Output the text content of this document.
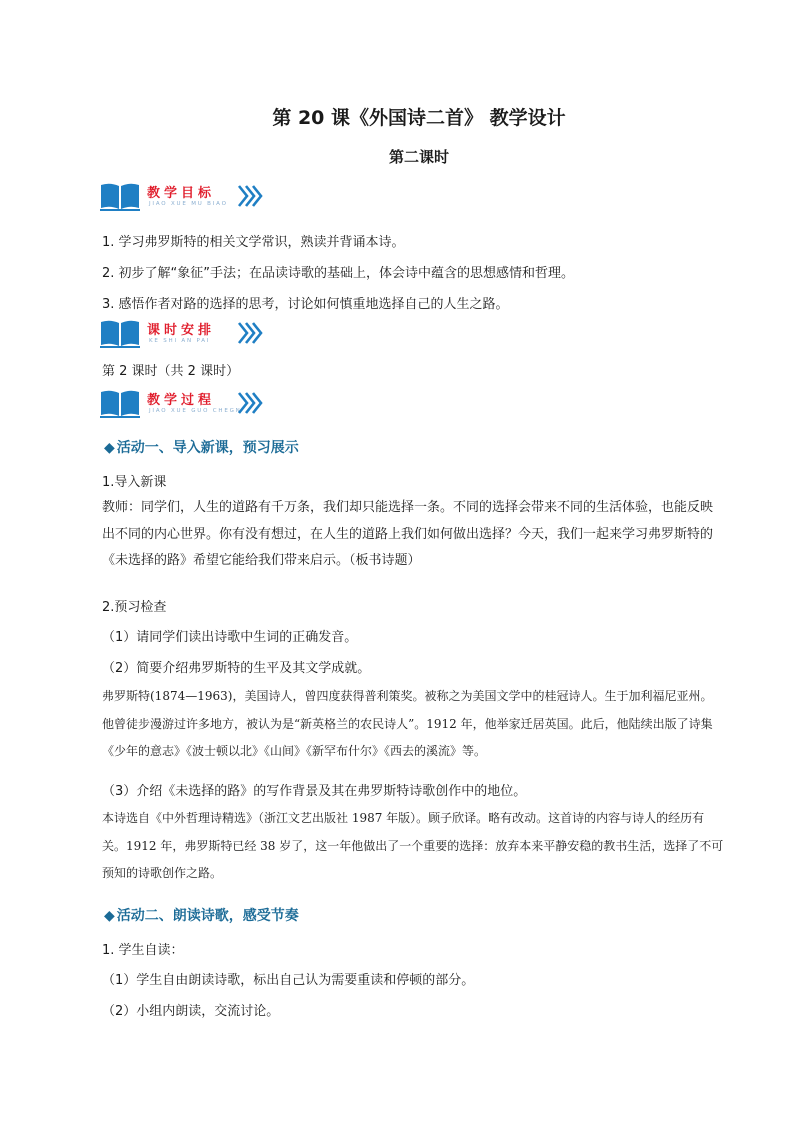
第 20 课《外国诗二首》 教学设计
第二课时
教学目标
JIAO XUE MU BIAO
1. 学习弗罗斯特的相关文学常识，熟读并背诵本诗。
2. 初步了解“象征”手法；在品读诗歌的基础上，体会诗中蕴含的思想感情和哲理。
3. 感悟作者对路的选择的思考，讨论如何慎重地选择自己的人生之路。
课时安排
KE SHI AN PAI
第 2 课时（共 2 课时）
教学过程
JIAO XUE GUO CHEGN
◆ 活动一、导入新课，预习展示
1.导入新课
教师：同学们，人生的道路有千万条，我们却只能选择一条。不同的选择会带来不同的生活体验，也能反映出不同的内心世界。你有没有想过，在人生的道路上我们如何做出选择？今天，我们一起来学习弗罗斯特的《未选择的路》希望它能给我们带来启示。（板书诗题）
2.预习检查
（1）请同学们读出诗歌中生词的正确发音。
（2）简要介绍弗罗斯特的生平及其文学成就。
弗罗斯特(1874—1963)，美国诗人，曾四度获得普利策奖。被称之为美国文学中的桂冠诗人。生于加利福尼亚州。他曾徒步漫游过许多地方，被认为是“新英格兰的农民诗人”。1912 年，他举家迁居英国。此后，他陆续出版了诗集《少年的意志》《波士顿以北》《山间》《新罕布什尔》《西去的溪流》等。
（3）介绍《未选择的路》的写作背景及其在弗罗斯特诗歌创作中的地位。
本诗选自《中外哲理诗精选》（浙江文艺出版社 1987 年版）。顾子欣译。略有改动。这首诗的内容与诗人的经历有关。1912 年，弗罗斯特已经 38 岁了，这一年他做出了一个重要的选择：放弃本来平静安稳的教书生活，选择了不可预知的诗歌创作之路。
◆ 活动二、朗读诗歌，感受节奏
1. 学生自读：
（1）学生自由朗读诗歌，标出自己认为需要重读和停顿的部分。
（2）小组内朗读，交流讨论。
